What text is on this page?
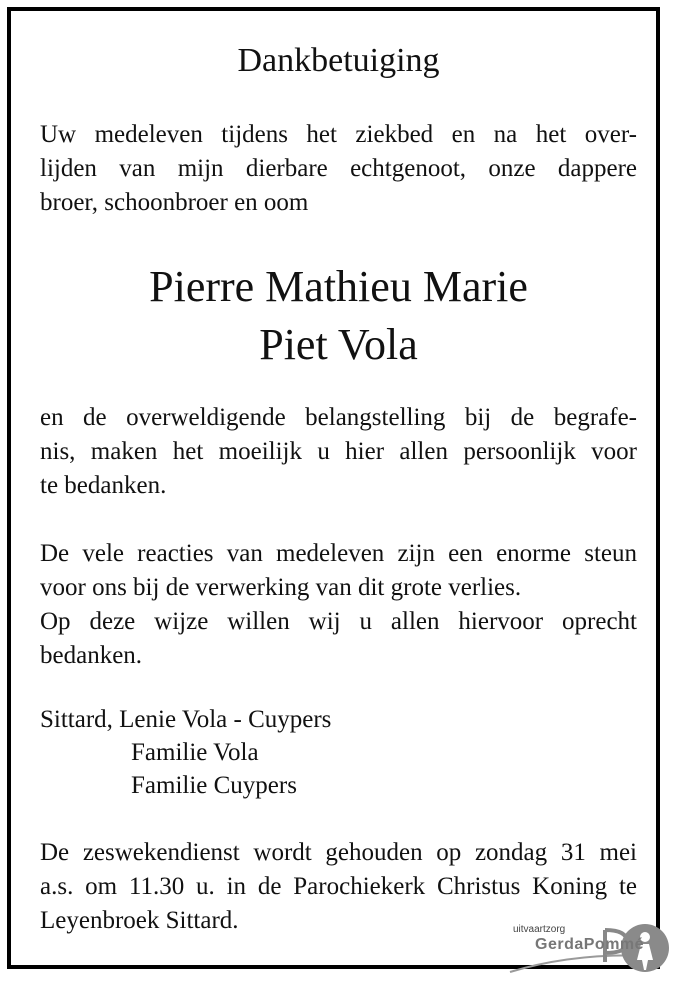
Dankbetuiging
Uw medeleven tijdens het ziekbed en na het over-
lijden van mijn dierbare echtgenoot, onze dappere
broer, schoonbroer en oom
Pierre Mathieu Marie
Piet Vola
en de overweldigende belangstelling bij de begrafe-
nis, maken het moeilijk u hier allen persoonlijk voor
te bedanken.
De vele reacties van medeleven zijn een enorme steun
voor ons bij de verwerking van dit grote verlies.
Op deze wijze willen wij u allen hiervoor oprecht
bedanken.
Sittard, Lenie Vola - Cuypers
Familie Vola
Familie Cuypers
De zeswekendienst wordt gehouden op zondag 31 mei
a.s. om 11.30 u. in de Parochiekerk Christus Koning te
Leyenbroek Sittard.	uitvaartzorg
GerdaPommé
